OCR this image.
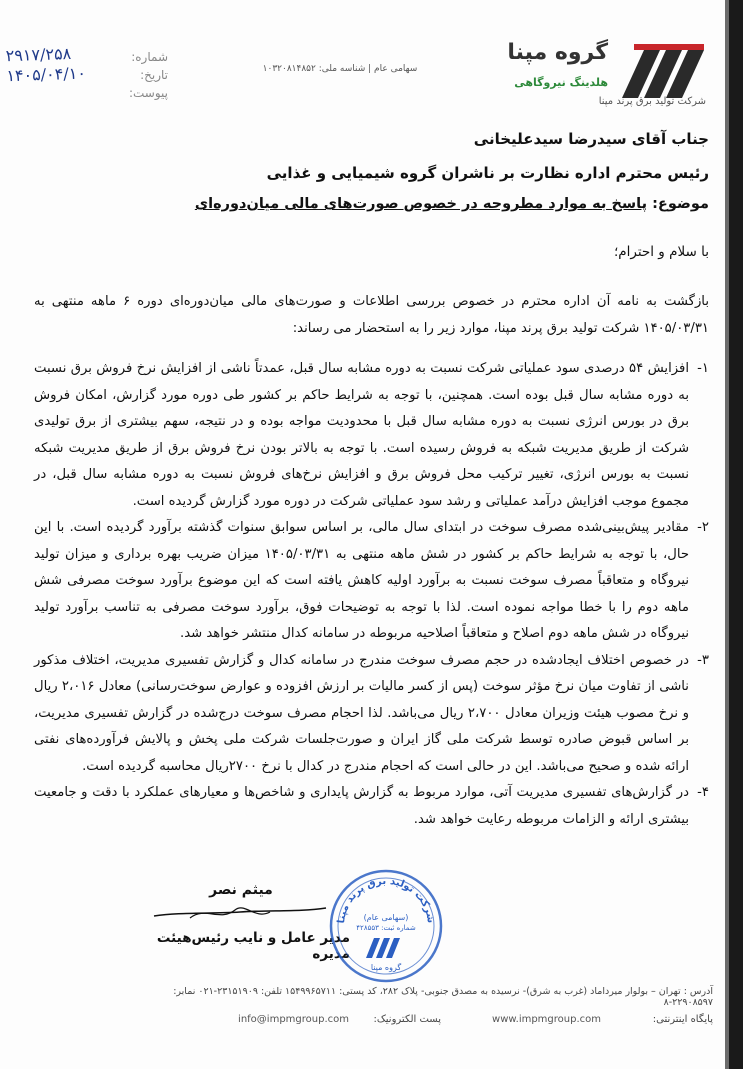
گروه مپنا
هلدینگ نیروگاهی
شرکت تولید برق پرند مپنا
سهامی عام | شناسه ملی: ۱۰۳۲۰۸۱۴۸۵۲
شماره:
تاریخ:
پیوست:
۲۹۱۷/۲۵۸
۱۴۰۵/۰۴/۱۰
جناب آقای سیدرضا سیدعلیخانی
رئیس محترم اداره نظارت بر ناشران گروه شیمیایی و غذایی
موضوع: پاسخ به موارد مطروحه در خصوص صورت‌های مالی میان‌دوره‌ای
با سلام و احترام؛
بازگشت به نامه آن اداره محترم در خصوص بررسی اطلاعات و صورت‌های مالی میان‌دوره‌ای دوره ۶ ماهه منتهی به ۱۴۰۵/۰۳/۳۱ شرکت تولید برق پرند مپنا، موارد زیر را به استحضار می رساند:
۱-
افزایش ۵۴ درصدی سود عملیاتی شرکت نسبت به دوره مشابه سال قبل، عمدتاً ناشی از افزایش نرخ فروش برق نسبت به دوره مشابه سال قبل بوده است. همچنین، با توجه به شرایط حاکم بر کشور طی دوره مورد گزارش، امکان فروش برق در بورس انرژی نسبت به دوره مشابه سال قبل با محدودیت مواجه بوده و در نتیجه، سهم بیشتری از برق تولیدی شرکت از طریق مدیریت شبکه به فروش رسیده است. با توجه به بالاتر بودن نرخ فروش برق از طریق مدیریت شبکه نسبت به بورس انرژی، تغییر ترکیب محل فروش برق و افزایش نرخ‌های فروش نسبت به دوره مشابه سال قبل، در مجموع موجب افزایش درآمد عملیاتی و رشد سود عملیاتی شرکت در دوره مورد گزارش گردیده است.
۲-
مقادیر پیش‌بینی‌شده مصرف سوخت در ابتدای سال مالی، بر اساس سوابق سنوات گذشته برآورد گردیده است. با این حال، با توجه به شرایط حاکم بر کشور در شش ماهه منتهی به ۱۴۰۵/۰۳/۳۱ میزان ضریب بهره برداری و میزان تولید نیروگاه و متعاقباً مصرف سوخت نسبت به برآورد اولیه کاهش یافته است که این موضوع برآورد سوخت مصرفی شش ماهه دوم را با خطا مواجه نموده است. لذا با توجه به توضیحات فوق، برآورد سوخت مصرفی به تناسب برآورد تولید نیروگاه در شش ماهه دوم اصلاح و متعاقباً اصلاحیه مربوطه در سامانه کدال منتشر خواهد شد.
۳-
در خصوص اختلاف ایجادشده در حجم مصرف سوخت مندرج در سامانه کدال و گزارش تفسیری مدیریت، اختلاف مذکور ناشی از تفاوت میان نرخ مؤثر سوخت (پس از کسر مالیات بر ارزش افزوده و عوارض سوخت‌رسانی) معادل ۲،۰۱۶ ریال و نرخ مصوب هیئت وزیران معادل ۲،۷۰۰ ریال می‌باشد. لذا احجام مصرف سوخت درج‌شده در گزارش تفسیری مدیریت، بر اساس قبوض صادره توسط شرکت ملی گاز ایران و صورت‌جلسات شرکت ملی پخش و پالایش فرآورده‌های نفتی ارائه شده و صحیح می‌باشد. این در حالی است که احجام مندرج در کدال با نرخ ۲۷۰۰ریال محاسبه گردیده است.
۴-
در گزارش‌های تفسیری مدیریت آتی، موارد مربوط به گزارش پایداری و شاخص‌ها و معیارهای عملکرد با دقت و جامعیت بیشتری ارائه و الزامات مربوطه رعایت خواهد شد.
میثم نصر
مدیر عامل و نایب رئیس‌هیئت مدیره
شرکت تولید برق پرند مپنا
(سهامی عام)
شماره ثبت: ۴۲۸۵۵۳
گروه مپنا
آدرس : تهران – بولوار میرداماد (غرب به شرق)- نرسیده به مصدق جنوبی- پلاک ۲۸۲، کد پستی: ۱۵۴۹۹۶۵۷۱۱ تلفن: ۲۳۱۵۱۹۰۹-۰۲۱ نمابر: ۲۲۹۰۸۵۹۷-۸
پایگاه اینترنتی:
www.impmgroup.com
پست الکترونیک:
info@impmgroup.com
